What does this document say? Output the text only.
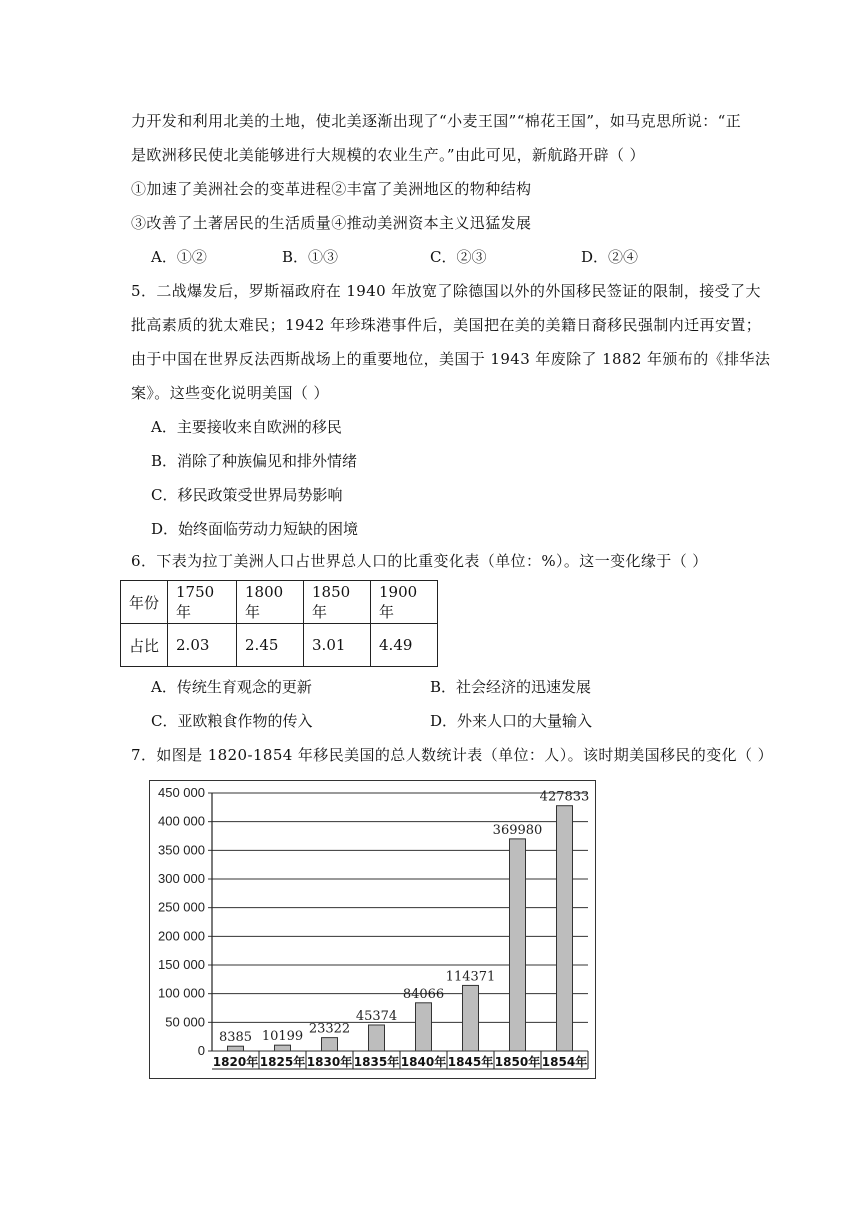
力开发和利用北美的土地，使北美逐渐出现了“小麦王国”“棉花王国”，如马克思所说：“正
是欧洲移民使北美能够进行大规模的农业生产。”由此可见，新航路开辟（ ）
①加速了美洲社会的变革进程②丰富了美洲地区的物种结构
③改善了土著居民的生活质量④推动美洲资本主义迅猛发展
A．①②	B．①③	C．②③	D．②④
5．二战爆发后，罗斯福政府在 1940 年放宽了除德国以外的外国移民签证的限制，接受了大
批高素质的犹太难民；1942 年珍珠港事件后，美国把在美的美籍日裔移民强制内迁再安置；
由于中国在世界反法西斯战场上的重要地位，美国于 1943 年废除了 1882 年颁布的《排华法
案》。这些变化说明美国（ ）
A．主要接收来自欧洲的移民
B．消除了种族偏见和排外情绪
C．移民政策受世界局势影响
D．始终面临劳动力短缺的困境
6．下表为拉丁美洲人口占世界总人口的比重变化表（单位：%）。这一变化缘于（ ）
年份	1750 年	1800 年	1850 年	1900 年
占比	2.03	2.45	3.01	4.49
A．传统生育观念的更新	B．社会经济的迅速发展
C．亚欧粮食作物的传入	D．外来人口的大量输入
7．如图是 1820-1854 年移民美国的总人数统计表（单位：人）。该时期美国移民的变化（ ）
0
50 000
100 000
150 000
200 000
250 000
300 000
350 000
400 000
450 000
8385
1820年
10199
1825年
23322
1830年
45374
1835年
84066
1840年
114371
1845年
369980
1850年
427833
1854年
